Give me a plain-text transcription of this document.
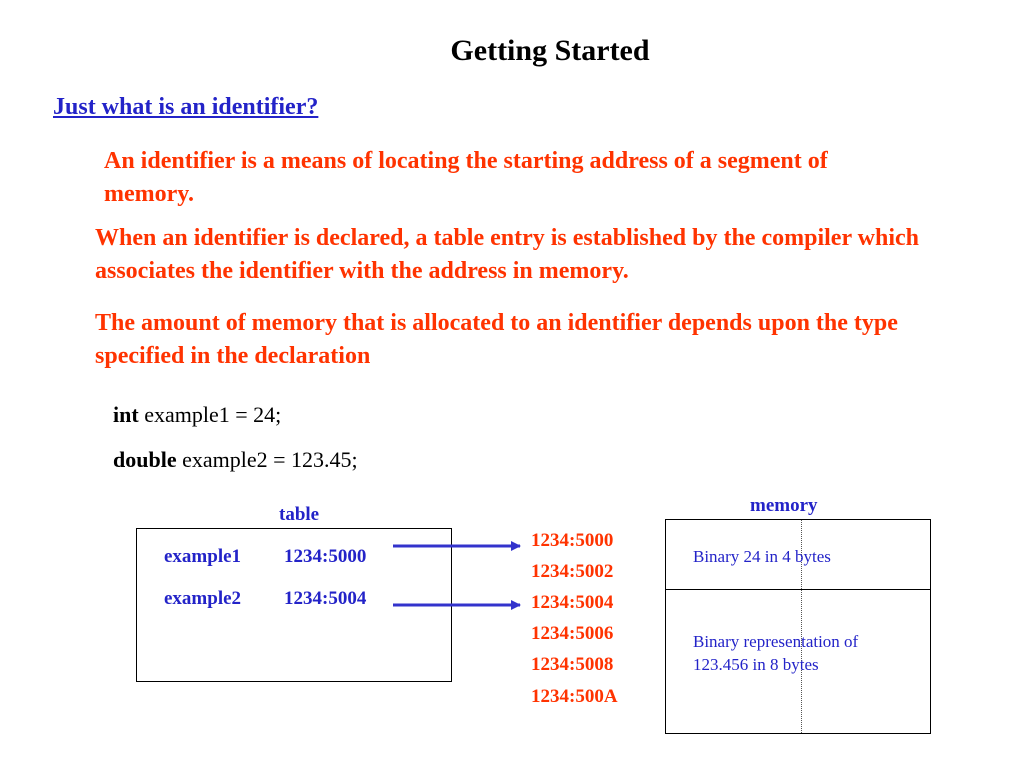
Getting Started
Just what is an identifier?
An identifier is a means of locating the starting address of a segment of memory.
When an identifier is declared, a table entry is established by the compiler which associates the identifier with the address in memory.
The amount of memory that is allocated to an identifier depends upon the type specified in the declaration
int example1 = 24;
double example2 = 123.45;
table	memory
example1 1234:5000
example2 1234:5004
1234:5000
1234:5002
1234:5004
1234:5006
1234:5008
1234:500A
Binary 24 in 4 bytes
Binary representation of 123.456 in 8 bytes
